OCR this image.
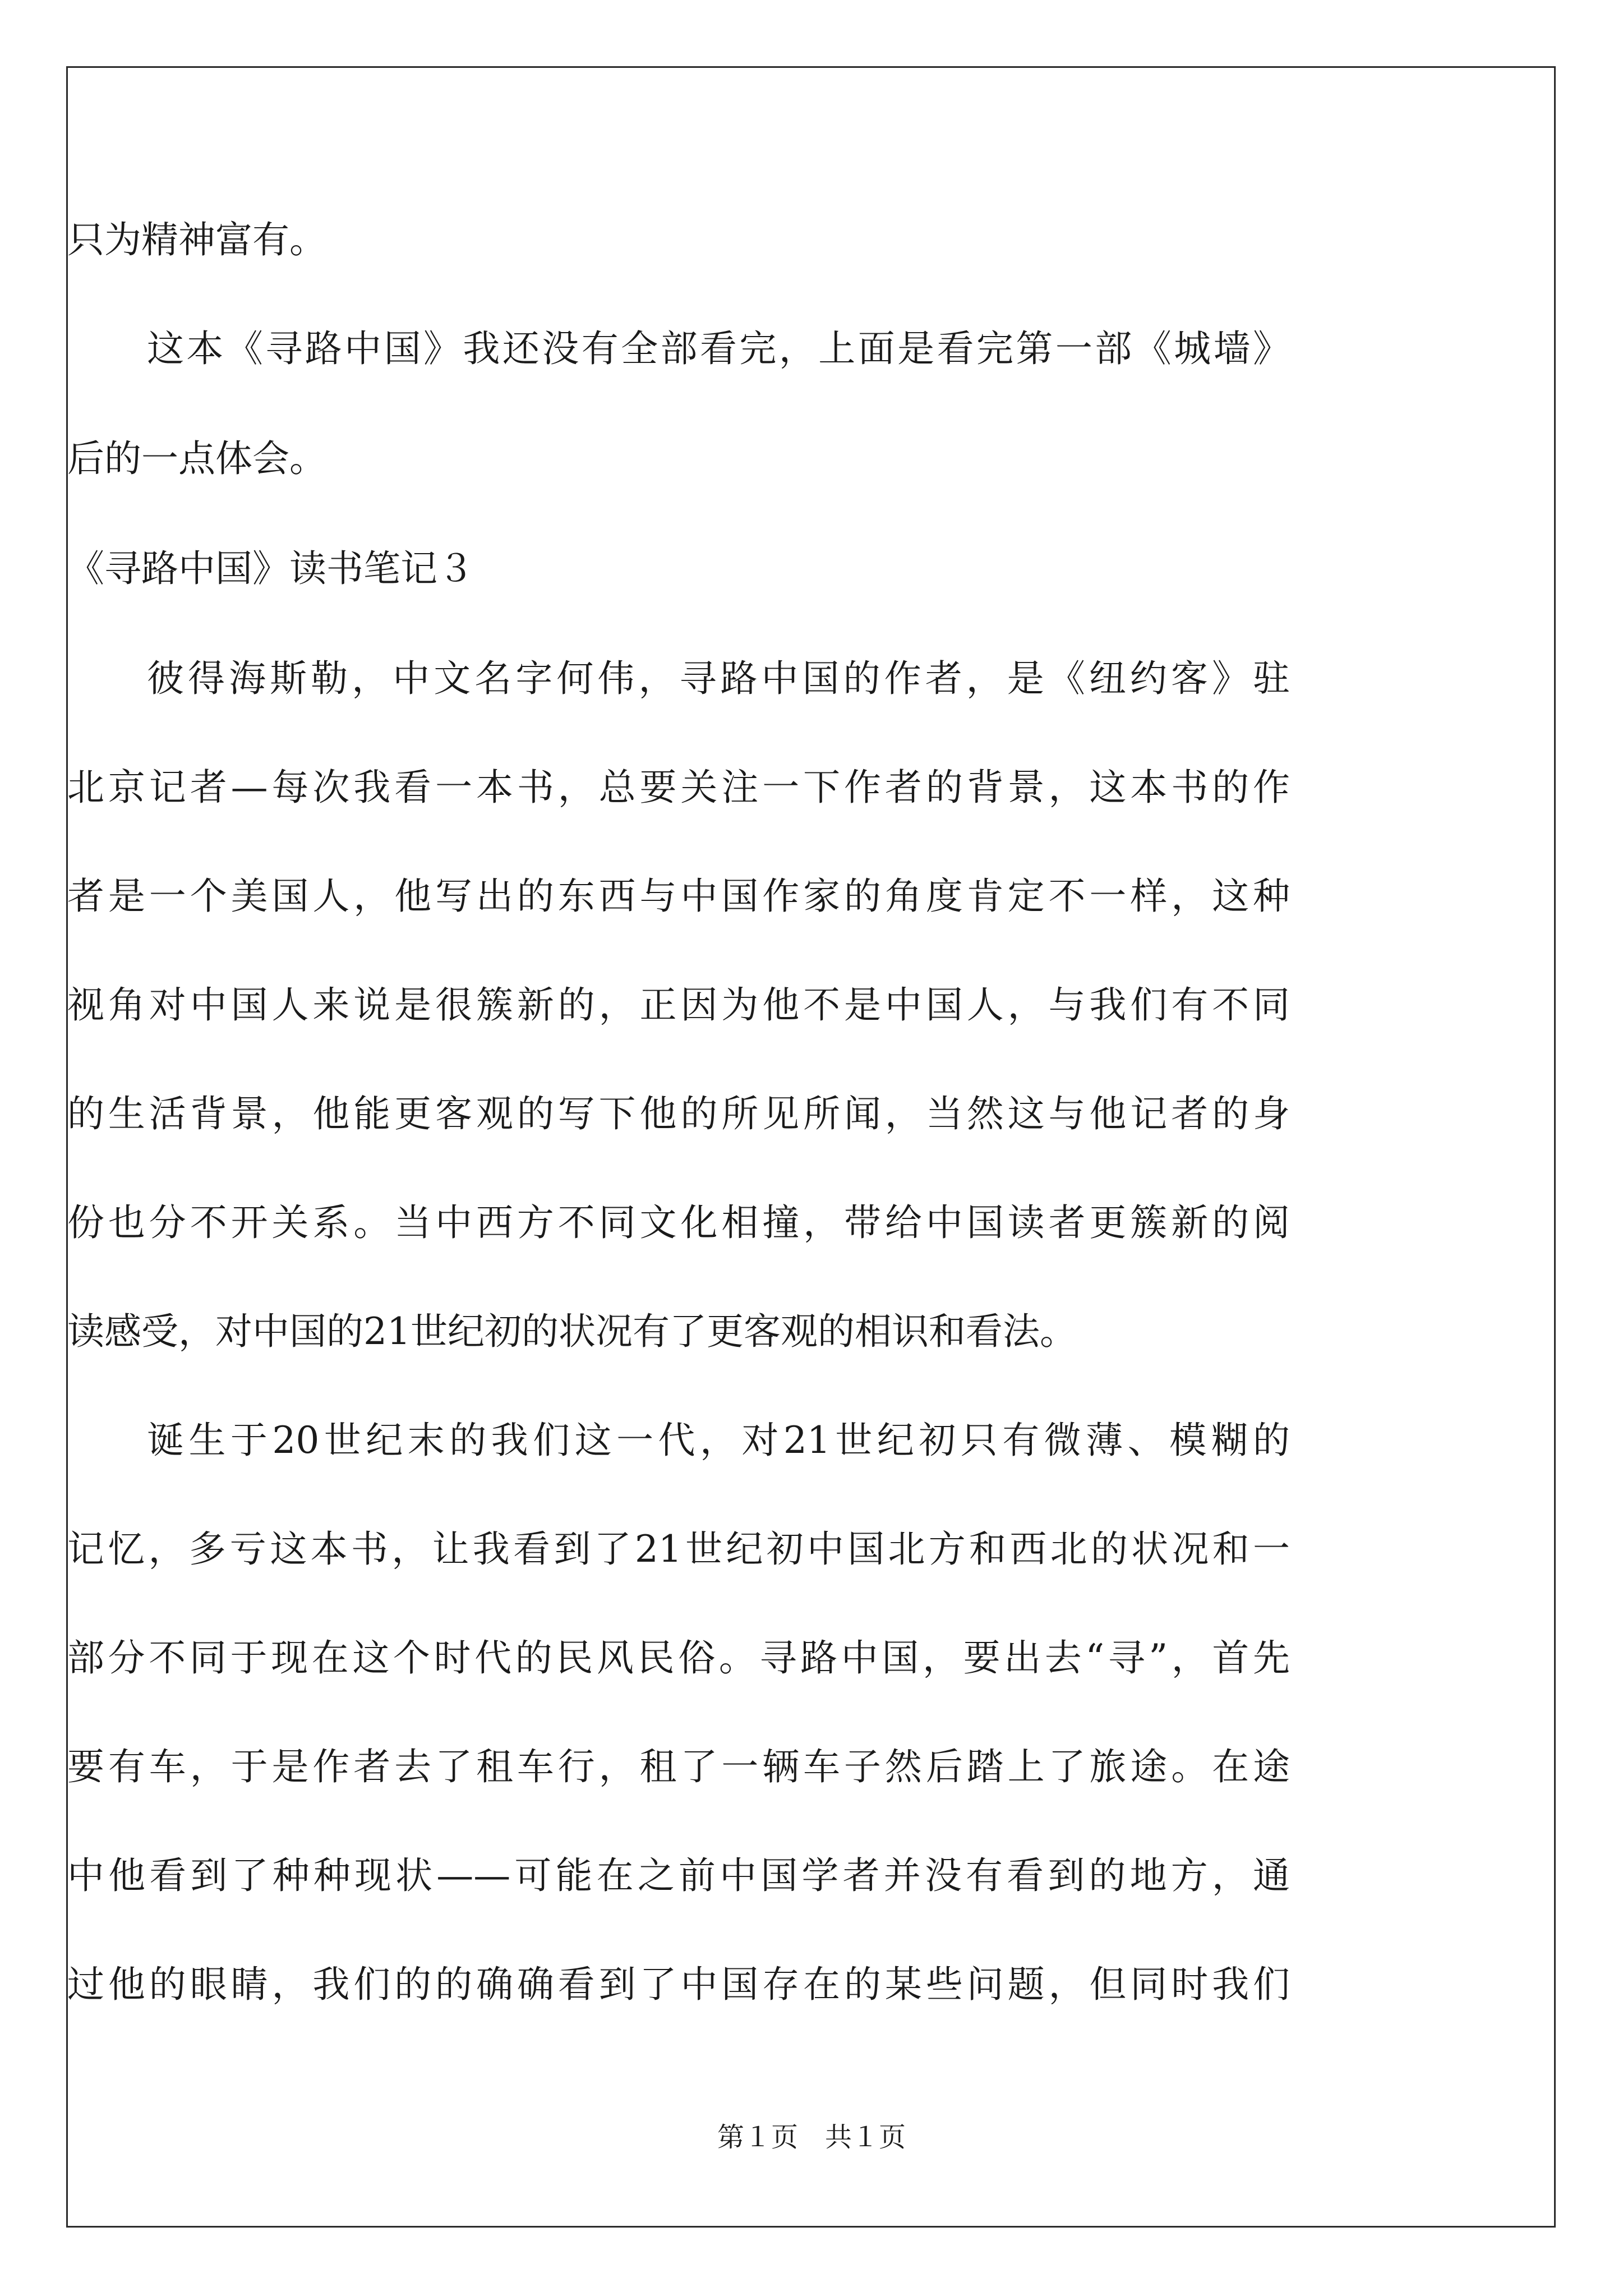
只为精神富有。
这本《寻路中国》我还没有全部看完，上面是看完第一部《城墙》
后的一点体会。
《寻路中国》读书笔记３
彼得海斯勒，中文名字何伟，寻路中国的作者，是《纽约客》驻
北京记者—每次我看一本书，总要关注一下作者的背景，这本书的作
者是一个美国人，他写出的东西与中国作家的角度肯定不一样，这种
视角对中国人来说是很簇新的，正因为他不是中国人，与我们有不同
的生活背景，他能更客观的写下他的所见所闻，当然这与他记者的身
份也分不开关系。当中西方不同文化相撞，带给中国读者更簇新的阅
读感受，对中国的21世纪初的状况有了更客观的相识和看法。
诞生于20世纪末的我们这一代，对21世纪初只有微薄、模糊的
记忆，多亏这本书，让我看到了21世纪初中国北方和西北的状况和一
部分不同于现在这个时代的民风民俗。寻路中国，要出去“寻”，首先
要有车，于是作者去了租车行，租了一辆车子然后踏上了旅途。在途
中他看到了种种现状——可能在之前中国学者并没有看到的地方，通
过他的眼睛，我们的的确确看到了中国存在的某些问题，但同时我们
第１页　共１页
